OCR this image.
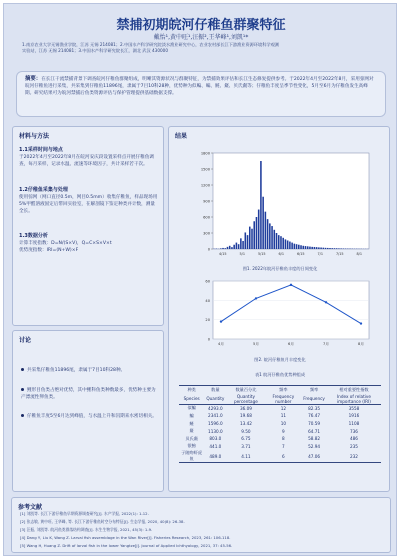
禁捕初期皖河仔稚鱼群聚特征
戴怡¹,黄中旺¹,汪振²,王华峰¹,刘凯¹*
1.南京农业大学无锡渔业学院，江苏 无锡 214081；2.中国水产科学研究院淡水渔业研究中心，农业农村部长江下游渔业资源环境科学观测
实验站，江苏 无锡 214081；3.中国水产科学研究院长江，湖北 武汉 430000
摘要：在长江干流禁捕背景下调查皖河仔稚鱼群聚组成，明晰其资源状况与群聚特征，为禁捕效果评估和长江生态修复提供参考。于2022年4月至2022年8月，采用弶网对皖河仔稚鱼进行采集，共采集到仔稚鱼11896尾，隶属于7目10科28种，优势种为似鳊、鳊、鲢、䱗、贝氏䱗等；仔稚鱼丰度呈季节性变化，5月至6月为仔稚鱼发生高峰期。研究结果可为皖河禁捕后鱼类资源评估与保护管理提供基础数据支撑。
材料与方法
1.1采样时间与地点
于2022年4月至2022年8月在皖河安庆段设置采样点开展仔稚鱼调查，每月采样，记录水温、流速等环境因子，共计采样若干次。
1.2仔稚鱼采集与处理
使用弶网（网口直径0.5m，网目0.5mm）收集仔稚鱼，样品现场用5%甲醛溶液固定后带回实验室，在解剖镜下鉴定种类并计数，测量全长。
1.3数据分析
计算丰度指数：D=N/(S×V)，Q=C×S×V×t
优势度指数：IRI=(N+W)×F
结果
0
300
600
900
1200
1500
1800
4/15	5/1	5/15	6/1	6/15	7/1	7/15	8/1
图1. 2022年皖河仔稚鱼丰度的日间变化
0
20
40
60
4月	5月	6月	7月	8月
图2. 皖河仔稚鱼月丰度变化
表1 皖河仔稚鱼优势种组成
种类	数量	数量百分比	频率	频率	相对重要性指数
Species	Quantity	Quantity percentage	Frequency number	Frequency	Index of relative importance (IRI)
似鳊	4293.0	36.09	12	82.35	3558
鳊	2341.0	19.68	11	76.47	1916
鲢	1596.0	13.42	10	70.59	1108
䱗	1130.0	9.50	9	64.71	736
贝氏䱗	803.0	6.75	8	58.82	486
银鮈	441.0	3.71	7	52.94	235
子陵吻虾虎鱼	489.0	4.11	6	47.06	232
讨论
共采集仔稚鱼11896尾，隶属于7目10科28种。
鲤形目鱼类占绝对优势，其中鲤科鱼类种数最多，优势种主要为产漂流性卵鱼类。
仔稚鱼丰度5至6月达到峰值，与水温上升和汛期来水密切相关。
参考文献
[1] 刘凯等. 长江下游仔稚鱼早期资源调查研究[J]. 水产学报, 2022(1): 1-12.
[2] 张志敏, 黄中旺, 王华峰, 等. 长江下游仔稚鱼时空分布特征[J]. 生态学报, 2020, 40(8): 26-38.
[3] 汪振, 刘凯等. 皖河鱼类群落结构调查[J]. 水生生物学报, 2021, 45(3): 1-9.
[4] Dang Y, Liu K, Wang Z. Larval fish assemblage in the Wan River[J]. Fisheries Research, 2023, 261: 106-118.
[5] Wang H, Huang Z. Drift of larval fish in the lower Yangtze[J]. Journal of Applied Ichthyology, 2021, 37: 45-56.
